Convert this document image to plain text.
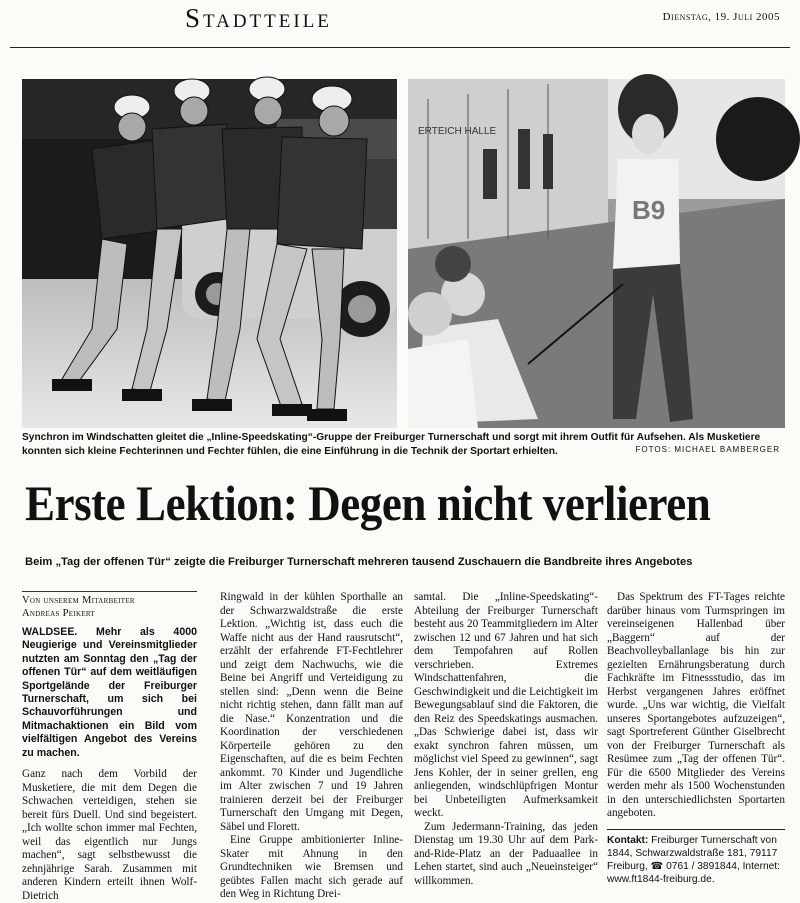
Stadtteile	Dienstag, 19. Juli 2005
ERTEICH HALLE
B9
Synchron im Windschatten gleitet die „Inline-Speedskating“-Gruppe der Freiburger Turnerschaft und sorgt mit ihrem Outfit für Aufsehen. Als Musketiere konnten sich kleine Fechterinnen und Fechter fühlen, die eine Einführung in die Technik der Sportart erhielten.	FOTOS: MICHAEL BAMBERGER
Erste Lektion: Degen nicht verlieren
Beim „Tag der offenen Tür“ zeigte die Freiburger Turnerschaft mehreren tausend Zuschauern die Bandbreite ihres Angebotes
Von unserem Mitarbeiter
Andreas Peikert

WALDSEE. Mehr als 4000 Neugierige und Vereinsmitglieder nutzten am Sonntag den „Tag der offenen Tür“ auf dem weitläufigen Sportgelände der Freiburger Turnerschaft, um sich bei Schauvorführungen und Mitmachaktionen ein Bild vom vielfältigen Angebot des Vereins zu machen.

Ganz nach dem Vorbild der Musketiere, die mit dem Degen die Schwachen verteidigen, stehen sie bereit fürs Duell. Und sind begeistert. „Ich wollte schon immer mal Fechten, weil das eigentlich nur Jungs machen“, sagt selbstbewusst die zehnjährige Sarah. Zusammen mit anderen Kindern erteilt ihnen Wolf-Dietrich

Ringwald in der kühlen Sporthalle an der Schwarzwaldstraße die erste Lektion. „Wichtig ist, dass euch die Waffe nicht aus der Hand rausrutscht“, erzählt der erfahrende FT-Fechtlehrer und zeigt dem Nachwuchs, wie die Beine bei Angriff und Verteidigung zu stellen sind: „Denn wenn die Beine nicht richtig stehen, dann fällt man auf die Nase.“ Konzentration und die Koordination der verschiedenen Körperteile gehören zu den Eigenschaften, auf die es beim Fechten ankommt. 70 Kinder und Jugendliche im Alter zwischen 7 und 19 Jahren trainieren derzeit bei der Freiburger Turnerschaft den Umgang mit Degen, Säbel und Florett.

Eine Gruppe ambitionierter Inline-Skater mit Ahnung in den Grundtechniken wie Bremsen und geübtes Fallen macht sich gerade auf den Weg in Richtung Drei-

samtal. Die „Inline-Speedskating“-Abteilung der Freiburger Turnerschaft besteht aus 20 Teammitgliedern im Alter zwischen 12 und 67 Jahren und hat sich dem Tempofahren auf Rollen verschrieben. Extremes Windschattenfahren, die Geschwindigkeit und die Leichtigkeit im Bewegungsablauf sind die Faktoren, die den Reiz des Speedskatings ausmachen. „Das Schwierige dabei ist, dass wir exakt synchron fahren müssen, um möglichst viel Speed zu gewinnen“, sagt Jens Kohler, der in seiner grellen, eng anliegenden, windschlüpfrigen Montur bei Unbeteiligten Aufmerksamkeit weckt.

Zum Jedermann-Training, das jeden Dienstag um 19.30 Uhr auf dem Park-and-Ride-Platz an der Paduaallee in Lehen startet, sind auch „Neueinsteiger“ willkommen.

Das Spektrum des FT-Tages reichte darüber hinaus vom Turmspringen im vereinseigenen Hallenbad über „Baggern“ auf der Beachvolleyballanlage bis hin zur gezielten Ernährungsberatung durch Fachkräfte im Fitnessstudio, das im Herbst vergangenen Jahres eröffnet wurde. „Uns war wichtig, die Vielfalt unseres Sportangebotes aufzuzeigen“, sagt Sportreferent Günther Giselbrecht von der Freiburger Turnerschaft als Resümee zum „Tag der offenen Tür“. Für die 6500 Mitglieder des Vereins werden mehr als 1500 Wochenstunden in den unterschiedlichsten Sportarten angeboten.

Kontakt: Freiburger Turnerschaft von 1844, Schwarzwaldstraße 181, 79117 Freiburg, ☎ 0761 / 3891844, Internet: www.ft1844-freiburg.de.
